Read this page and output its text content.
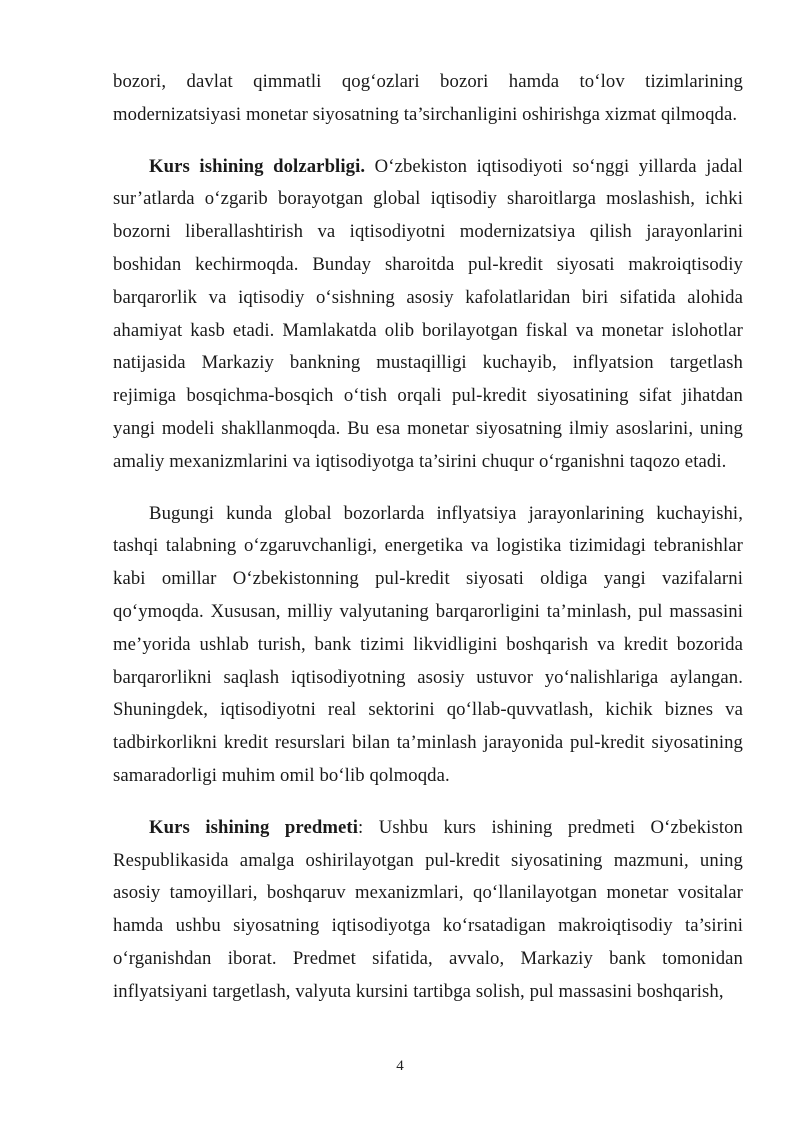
bozori, davlat qimmatli qog‘ozlari bozori hamda to‘lov tizimlarining modernizatsiyasi monetar siyosatning ta’sirchanligini oshirishga xizmat qilmoqda.

Kurs ishining dolzarbligi. O‘zbekiston iqtisodiyoti so‘nggi yillarda jadal sur’atlarda o‘zgarib borayotgan global iqtisodiy sharoitlarga moslashish, ichki bozorni liberallashtirish va iqtisodiyotni modernizatsiya qilish jarayonlarini boshidan kechirmoqda. Bunday sharoitda pul-kredit siyosati makroiqtisodiy barqarorlik va iqtisodiy o‘sishning asosiy kafolatlaridan biri sifatida alohida ahamiyat kasb etadi. Mamlakatda olib borilayotgan fiskal va monetar islohotlar natijasida Markaziy bankning mustaqilligi kuchayib, inflyatsion targetlash rejimiga bosqichma-bosqich o‘tish orqali pul-kredit siyosatining sifat jihatdan yangi modeli shakllanmoqda. Bu esa monetar siyosatning ilmiy asoslarini, uning amaliy mexanizmlarini va iqtisodiyotga ta’sirini chuqur o‘rganishni taqozo etadi.

Bugungi kunda global bozorlarda inflyatsiya jarayonlarining kuchayishi, tashqi talabning o‘zgaruvchanligi, energetika va logistika tizimidagi tebranishlar kabi omillar O‘zbekistonning pul-kredit siyosati oldiga yangi vazifalarni qo‘ymoqda. Xususan, milliy valyutaning barqarorligini ta’minlash, pul massasini me’yorida ushlab turish, bank tizimi likvidligini boshqarish va kredit bozorida barqarorlikni saqlash iqtisodiyotning asosiy ustuvor yo‘nalishlariga aylangan. Shuningdek, iqtisodiyotni real sektorini qo‘llab-quvvatlash, kichik biznes va tadbirkorlikni kredit resurslari bilan ta’minlash jarayonida pul-kredit siyosatining samaradorligi muhim omil bo‘lib qolmoqda.

Kurs ishining predmeti: Ushbu kurs ishining predmeti O‘zbekiston Respublikasida amalga oshirilayotgan pul-kredit siyosatining mazmuni, uning asosiy tamoyillari, boshqaruv mexanizmlari, qo‘llanilayotgan monetar vositalar hamda ushbu siyosatning iqtisodiyotga ko‘rsatadigan makroiqtisodiy ta’sirini o‘rganishdan iborat. Predmet sifatida, avvalo, Markaziy bank tomonidan inflyatsiyani targetlash, valyuta kursini tartibga solish, pul massasini boshqarish,

4
